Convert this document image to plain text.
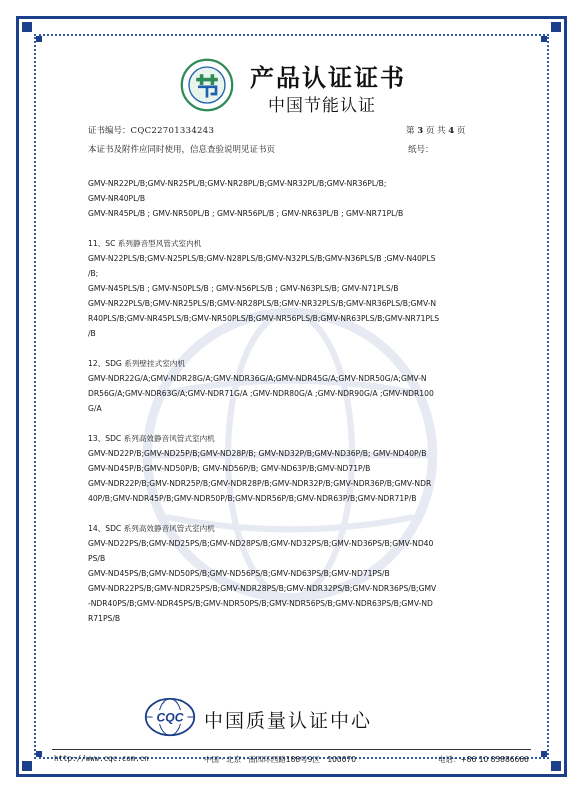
产品认证证书
中国节能认证
证书编号：CQC22701334243	第 3 页 共 4 页
本证书及附件应同时使用，信息查验说明见证书页	纸号：

GMV-NR22PL/B;GMV-NR25PL/B;GMV-NR28PL/B;GMV-NR32PL/B;GMV-NR36PL/B;

GMV-NR40PL/B

GMV-NR45PL/B ; GMV-NR50PL/B ; GMV-NR56PL/B ; GMV-NR63PL/B ; GMV-NR71PL/B

11、SC 系列静音型风管式室内机

GMV-N22PLS/B;GMV-N25PLS/B;GMV-N28PLS/B;GMV-N32PLS/B;GMV-N36PLS/B ;GMV-N40PLS

/B;

GMV-N45PLS/B ; GMV-N50PLS/B ; GMV-N56PLS/B ; GMV-N63PLS/B; GMV-N71PLS/B

GMV-NR22PLS/B;GMV-NR25PLS/B;GMV-NR28PLS/B;GMV-NR32PLS/B;GMV-NR36PLS/B;GMV-N

R40PLS/B;GMV-NR45PLS/B;GMV-NR50PLS/B;GMV-NR56PLS/B;GMV-NR63PLS/B;GMV-NR71PLS

/B

12、SDG 系列壁挂式室内机

GMV-NDR22G/A;GMV-NDR28G/A;GMV-NDR36G/A;GMV-NDR45G/A;GMV-NDR50G/A;GMV-N

DR56G/A;GMV-NDR63G/A;GMV-NDR71G/A ;GMV-NDR80G/A ;GMV-NDR90G/A ;GMV-NDR100

G/A

13、SDC 系列高效静音风管式室内机

GMV-ND22P/B;GMV-ND25P/B;GMV-ND28P/B; GMV-ND32P/B;GMV-ND36P/B; GMV-ND40P/B

GMV-ND45P/B;GMV-ND50P/B; GMV-ND56P/B; GMV-ND63P/B;GMV-ND71P/B

GMV-NDR22P/B;GMV-NDR25P/B;GMV-NDR28P/B;GMV-NDR32P/B;GMV-NDR36P/B;GMV-NDR

40P/B;GMV-NDR45P/B;GMV-NDR50P/B;GMV-NDR56P/B;GMV-NDR63P/B;GMV-NDR71P/B

14、SDC 系列高效静音风管式室内机

GMV-ND22PS/B;GMV-ND25PS/B;GMV-ND28PS/B;GMV-ND32PS/B;GMV-ND36PS/B;GMV-ND40

PS/B

GMV-ND45PS/B;GMV-ND50PS/B;GMV-ND56PS/B;GMV-ND63PS/B;GMV-ND71PS/B

GMV-NDR22PS/B;GMV-NDR25PS/B;GMV-NDR28PS/B;GMV-NDR32PS/B;GMV-NDR36PS/B;GMV

-NDR40PS/B;GMV-NDR45PS/B;GMV-NDR50PS/B;GMV-NDR56PS/B;GMV-NDR63PS/B;GMV-ND

R71PS/B

CQC 中国质量认证中心
http://www.cqc.com.cn	中国 · 北京 · 南四环西路188号9区　100070	电话：+86 10 83886666
